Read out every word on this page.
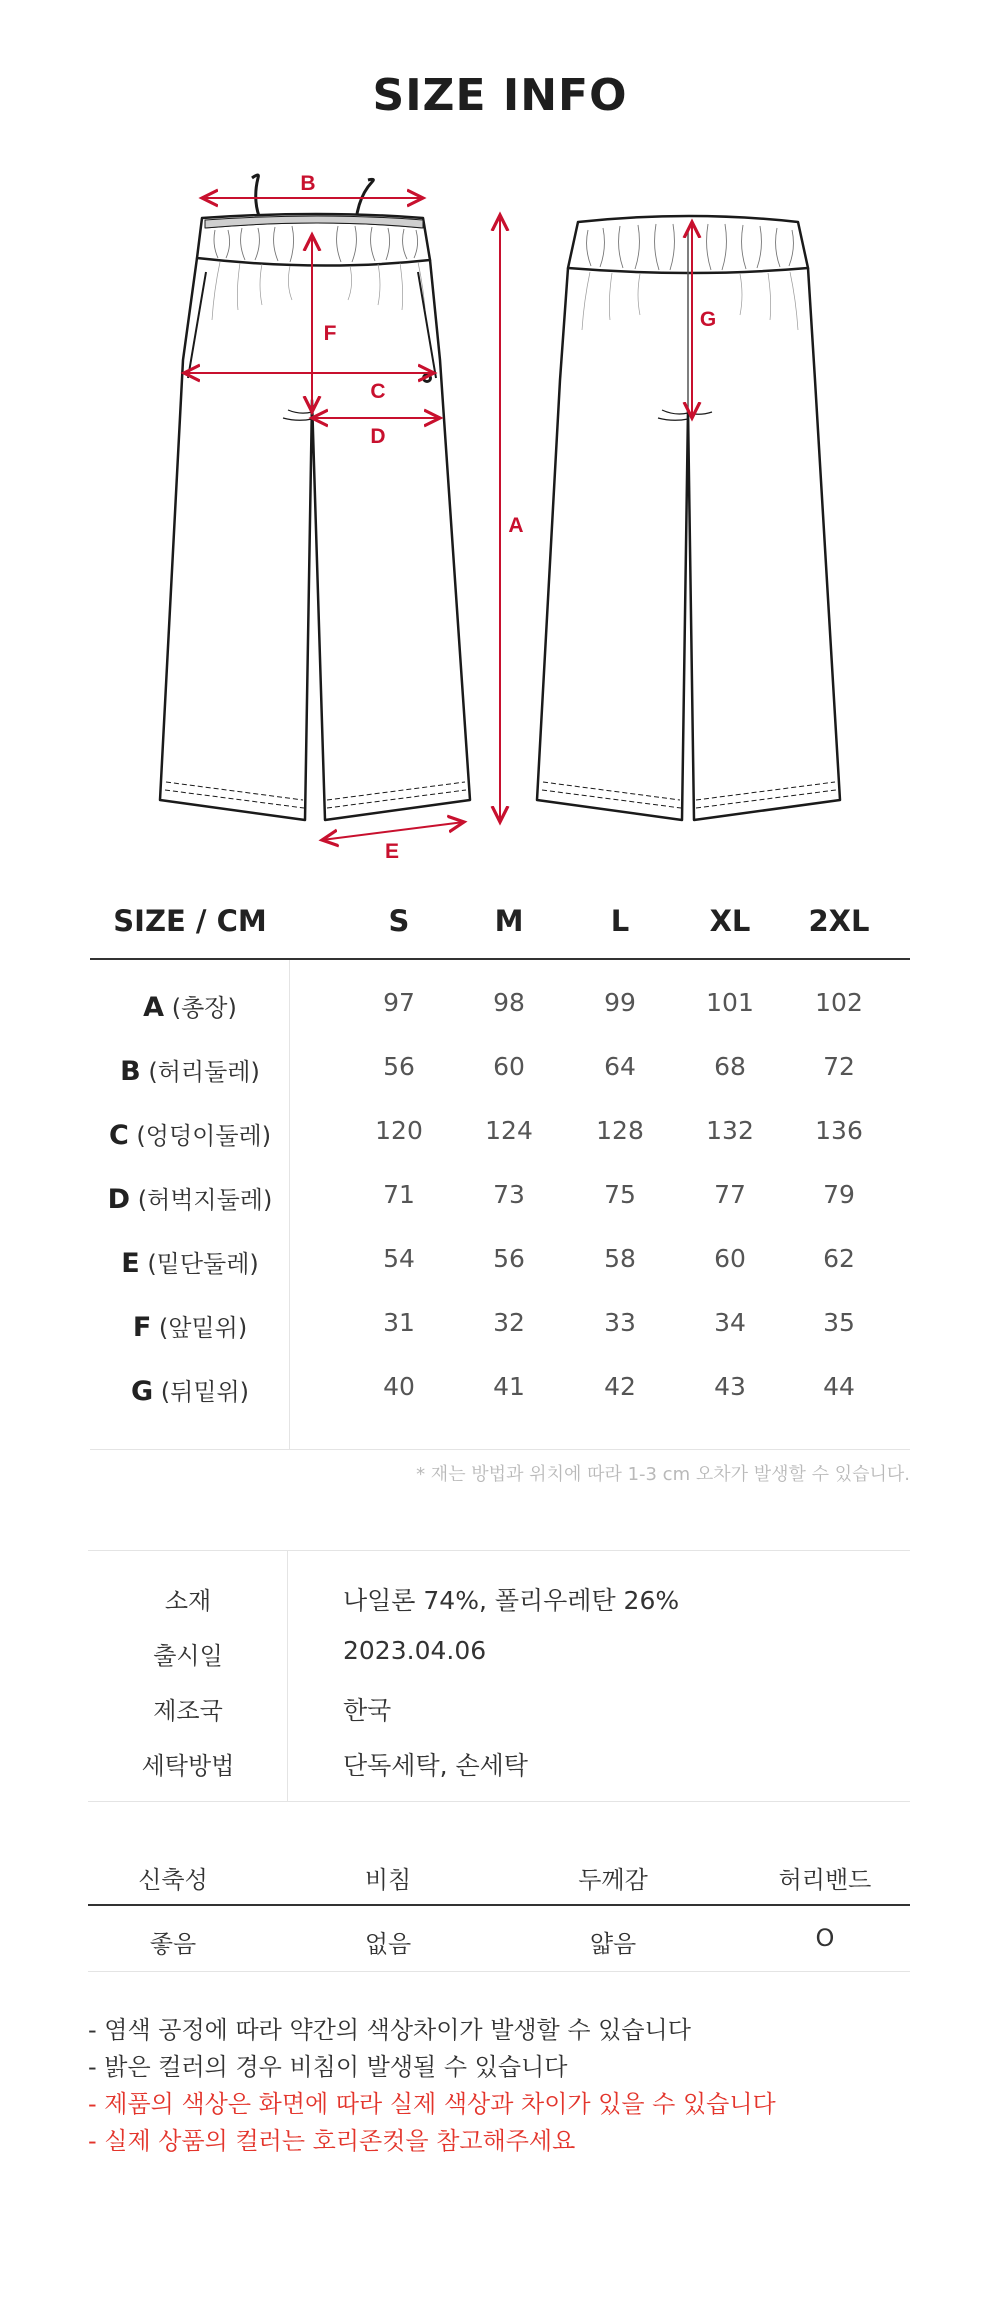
SIZE INFO
B
F
C
D
E
A
G
SIZE / CM	S	M	L	XL	2XL
A (총장)	97	98	99	101	102
B (허리둘레)	56	60	64	68	72
C (엉덩이둘레)	120	124	128	132	136
D (허벅지둘레)	71	73	75	77	79
E (밑단둘레)	54	56	58	60	62
F (앞밑위)	31	32	33	34	35
G (뒤밑위)	40	41	42	43	44
* 재는 방법과 위치에 따라 1-3 cm 오차가 발생할 수 있습니다.
소재	나일론 74%, 폴리우레탄 26%
출시일	2023.04.06
제조국	한국
세탁방법	단독세탁, 손세탁
신축성	비침	두께감	허리밴드
좋음	없음	얇음	O
- 염색 공정에 따라 약간의 색상차이가 발생할 수 있습니다
- 밝은 컬러의 경우 비침이 발생될 수 있습니다
- 제품의 색상은 화면에 따라 실제 색상과 차이가 있을 수 있습니다
- 실제 상품의 컬러는 호리존컷을 참고해주세요
